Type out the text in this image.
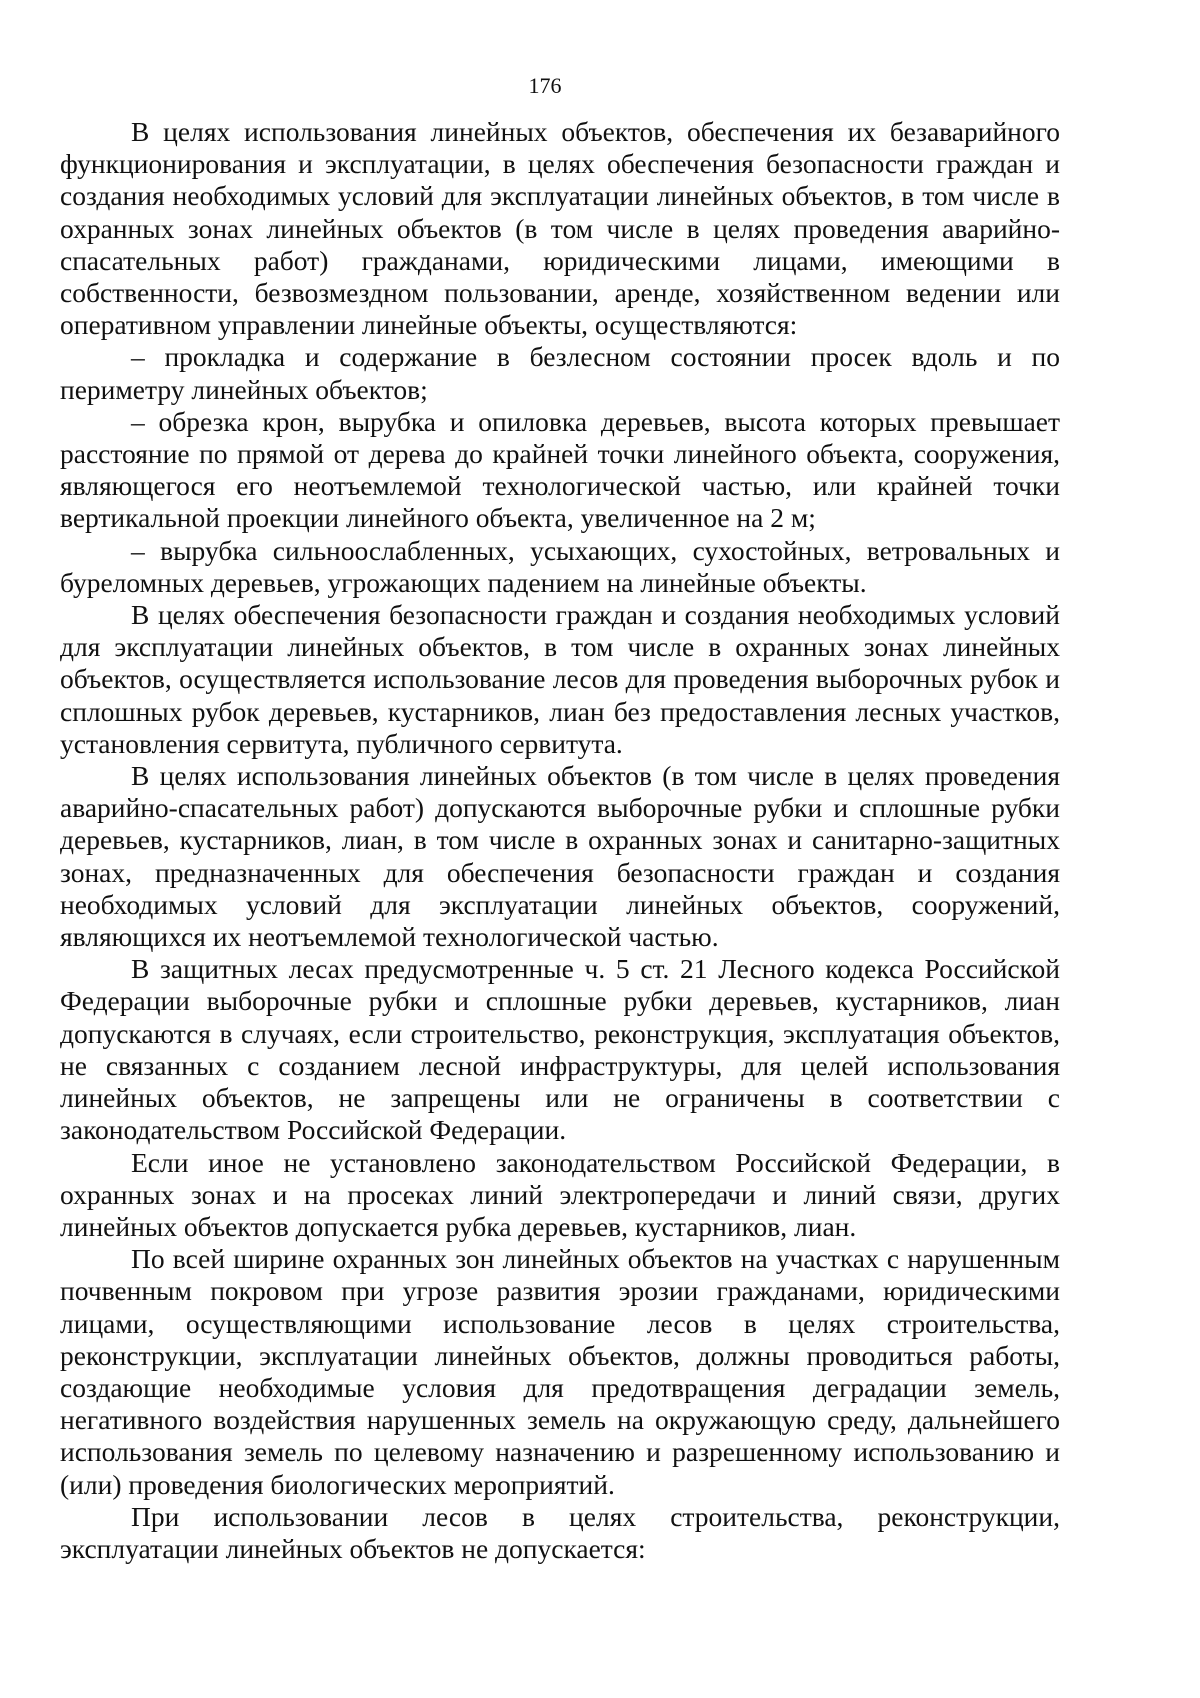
176

В целях использования линейных объектов, обеспечения их безаварийного функционирования и эксплуатации, в целях обеспечения безопасности граждан и создания необходимых условий для эксплуатации линейных объектов, в том числе в охранных зонах линейных объектов (в том числе в целях проведения аварийно-спасательных работ) гражданами, юридическими лицами, имеющими в собственности, безвозмездном пользовании, аренде, хозяйственном ведении или оперативном управлении линейные объекты, осуществляются:

– прокладка и содержание в безлесном состоянии просек вдоль и по периметру линейных объектов;

– обрезка крон, вырубка и опиловка деревьев, высота которых превышает расстояние по прямой от дерева до крайней точки линейного объекта, сооружения, являющегося его неотъемлемой технологической частью, или крайней точки вертикальной проекции линейного объекта, увеличенное на 2 м;

– вырубка сильноослабленных, усыхающих, сухостойных, ветровальных и буреломных деревьев, угрожающих падением на линейные объекты.

В целях обеспечения безопасности граждан и создания необходимых условий для эксплуатации линейных объектов, в том числе в охранных зонах линейных объектов, осуществляется использование лесов для проведения выборочных рубок и сплошных рубок деревьев, кустарников, лиан без предоставления лесных участков, установления сервитута, публичного сервитута.

В целях использования линейных объектов (в том числе в целях проведения аварийно-спасательных работ) допускаются выборочные рубки и сплошные рубки деревьев, кустарников, лиан, в том числе в охранных зонах и санитарно-защитных зонах, предназначенных для обеспечения безопасности граждан и создания необходимых условий для эксплуатации линейных объектов, сооружений, являющихся их неотъемлемой технологической частью.

В защитных лесах предусмотренные ч. 5 ст. 21 Лесного кодекса Российской Федерации выборочные рубки и сплошные рубки деревьев, кустарников, лиан допускаются в случаях, если строительство, реконструкция, эксплуатация объектов, не связанных с созданием лесной инфраструктуры, для целей использования линейных объектов, не запрещены или не ограничены в соответствии с законодательством Российской Федерации.

Если иное не установлено законодательством Российской Федерации, в охранных зонах и на просеках линий электропередачи и линий связи, других линейных объектов допускается рубка деревьев, кустарников, лиан.

По всей ширине охранных зон линейных объектов на участках с нарушенным почвенным покровом при угрозе развития эрозии гражданами, юридическими лицами, осуществляющими использование лесов в целях строительства, реконструкции, эксплуатации линейных объектов, должны проводиться работы, создающие необходимые условия для предотвращения деградации земель, негативного воздействия нарушенных земель на окружающую среду, дальнейшего использования земель по целевому назначению и разрешенному использованию и (или) проведения биологических мероприятий.

При использовании лесов в целях строительства, реконструкции, эксплуатации линейных объектов не допускается:
